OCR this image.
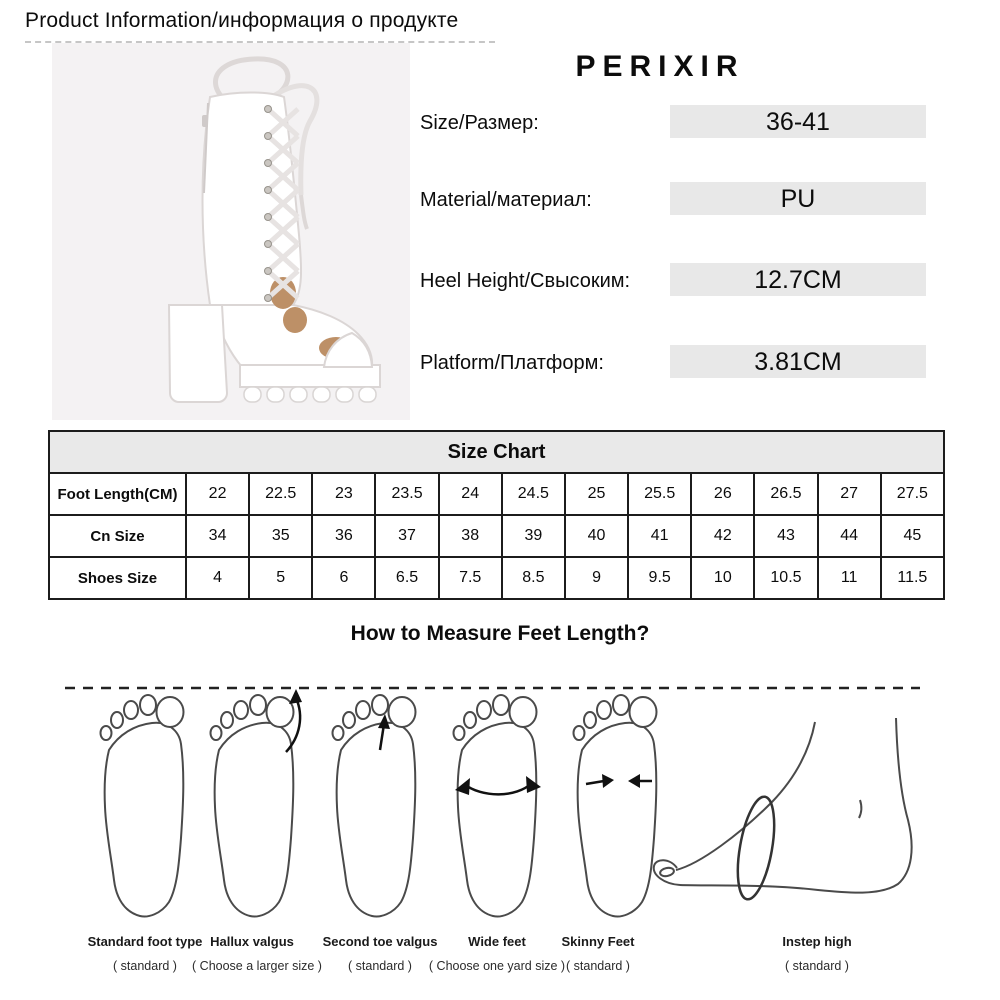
Product Information/информация о продукте
PERIXIR
Size/Размер:	36-41
Material/материал:	PU
Heel Height/Свысоким:	12.7CM
Platform/Платформ:	3.81CM
Size Chart												
Foot Length(CM)	22	22.5	23	23.5	24	24.5	25	25.5	26	26.5	27	27.5
Cn Size	34	35	36	37	38	39	40	41	42	43	44	45
Shoes Size	4	5	6	6.5	7.5	8.5	9	9.5	10	10.5	11	11.5
How to Measure Feet Length?
Standard foot type
( standard )
Hallux valgus
( Choose a larger size )
Second toe valgus
( standard )
Wide feet
( Choose one yard size )
Skinny Feet
( standard )
Instep high
( standard )
